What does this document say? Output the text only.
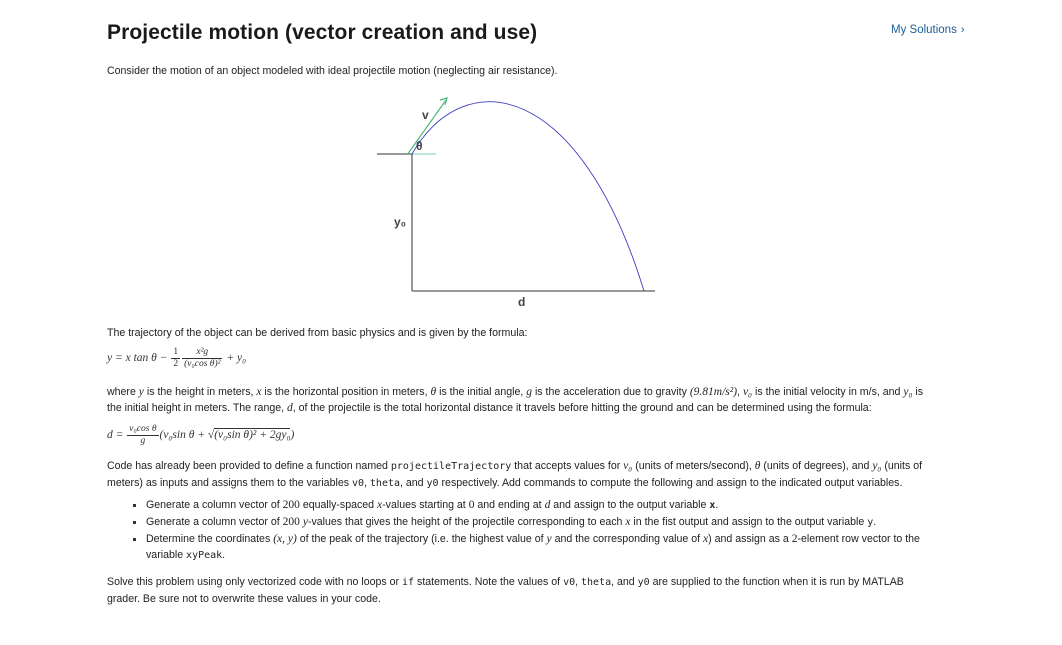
Projectile motion (vector creation and use)	My Solutions ›

Consider the motion of an object modeled with ideal projectile motion (neglecting air resistance).

v
θ
y₀
d

The trajectory of the object can be derived from basic physics and is given by the formula:

y = x $\tan \theta - \frac{1}{2} \frac{\text{x²g}}{\text{(v₀cos θ)²}} + y_0$

where y is the height in meters, x is the horizontal position in meters, θ is the initial angle, g is the acceleration due to gravity (9.81m/s²), v₀ is the initial velocity in m/s, and y₀ is the initial height in meters. The range, d, of the projectile is the total horizontal distance it travels before hitting the ground and can be determined using the formula:

$d = \frac{\text{v₀cos θ}}{g} (v_0\sin$ θ + √(v₀sin θ)² + 2gy₀)

Code has already been provided to define a function named projectileTrajectory that accepts values for v₀ (units of meters/second), θ (units of degrees), and y₀ (units of meters) as inputs and assigns them to the variables v0, theta, and y0 respectively. Add commands to compute the following and assign to the indicated output variables.

Generate a column vector of 200 equally-spaced x-values starting at 0 and ending at d and assign to the output variable x.
Generate a column vector of 200 y-values that gives the height of the projectile corresponding to each x in the fist output and assign to the output variable y.
Determine the coordinates (x, y) of the peak of the trajectory (i.e. the highest value of y and the corresponding value of x) and assign as a 2-element row vector to the variable xyPeak.

Solve this problem using only vectorized code with no loops or if statements. Note the values of v0, theta, and y0 are supplied to the function when it is run by MATLAB grader. Be sure not to overwrite these values in your code.
